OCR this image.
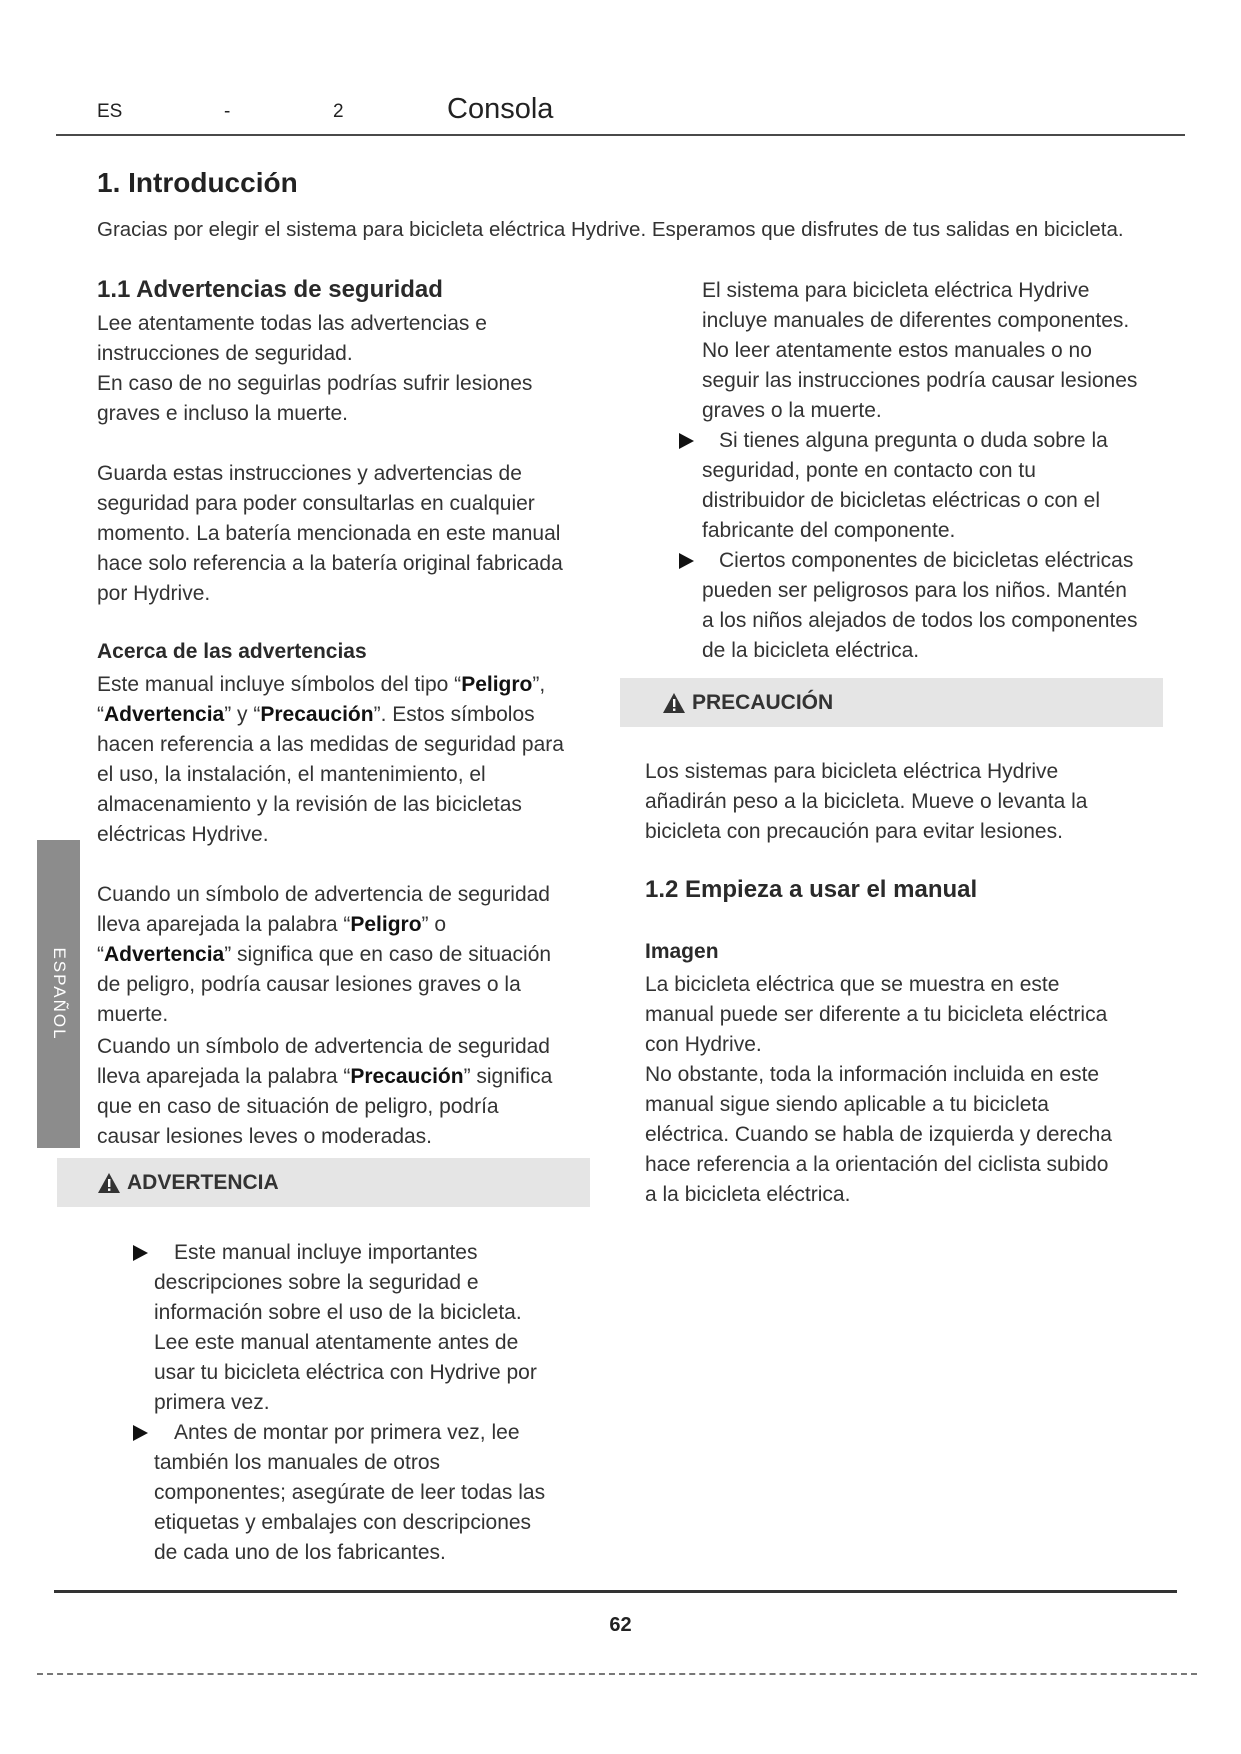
ES	-	2	Consola
1. Introducción
Gracias por elegir el sistema para bicicleta eléctrica Hydrive. Esperamos que disfrutes de tus salidas en bicicleta.
ESPAÑOL
1.1 Advertencias de seguridad

Lee atentamente todas las advertencias e instrucciones de seguridad.

En caso de no seguirlas podrías sufrir lesiones graves e incluso la muerte.

Guarda estas instrucciones y advertencias de seguridad para poder consultarlas en cualquier momento. La batería mencionada en este manual hace solo referencia a la batería original fabricada por Hydrive.

Acerca de las advertencias

Este manual incluye símbolos del tipo “Peligro”, “Advertencia” y “Precaución”. Estos símbolos hacen referencia a las medidas de seguridad para el uso, la instalación, el mantenimiento, el almacenamiento y la revisión de las bicicletas eléctricas Hydrive.

Cuando un símbolo de advertencia de seguridad lleva aparejada la palabra “Peligro” o “Advertencia” significa que en caso de situación de peligro, podría causar lesiones graves o la muerte.

Cuando un símbolo de advertencia de seguridad lleva aparejada la palabra “Precaución” significa que en caso de situación de peligro, podría causar lesiones leves o moderadas.

ADVERTENCIA
Este manual incluye importantes descripciones sobre la seguridad e información sobre el uso de la bicicleta. Lee este manual atentamente antes de usar tu bicicleta eléctrica con Hydrive por primera vez.
Antes de montar por primera vez, lee también los manuales de otros componentes; asegúrate de leer todas las etiquetas y embalajes con descripciones de cada uno de los fabricantes.

El sistema para bicicleta eléctrica Hydrive incluye manuales de diferentes componentes. No leer atentamente estos manuales o no seguir las instrucciones podría causar lesiones graves o la muerte.

Si tienes alguna pregunta o duda sobre la seguridad, ponte en contacto con tu distribuidor de bicicletas eléctricas o con el fabricante del componente.
Ciertos componentes de bicicletas eléctricas pueden ser peligrosos para los niños. Mantén a los niños alejados de todos los componentes de la bicicleta eléctrica.
PRECAUCIÓN

Los sistemas para bicicleta eléctrica Hydrive añadirán peso a la bicicleta. Mueve o levanta la bicicleta con precaución para evitar lesiones.

1.2 Empieza a usar el manual
Imagen

La bicicleta eléctrica que se muestra en este manual puede ser diferente a tu bicicleta eléctrica con Hydrive.

No obstante, toda la información incluida en este manual sigue siendo aplicable a tu bicicleta eléctrica. Cuando se habla de izquierda y derecha hace referencia a la orientación del ciclista subido a la bicicleta eléctrica.

62
